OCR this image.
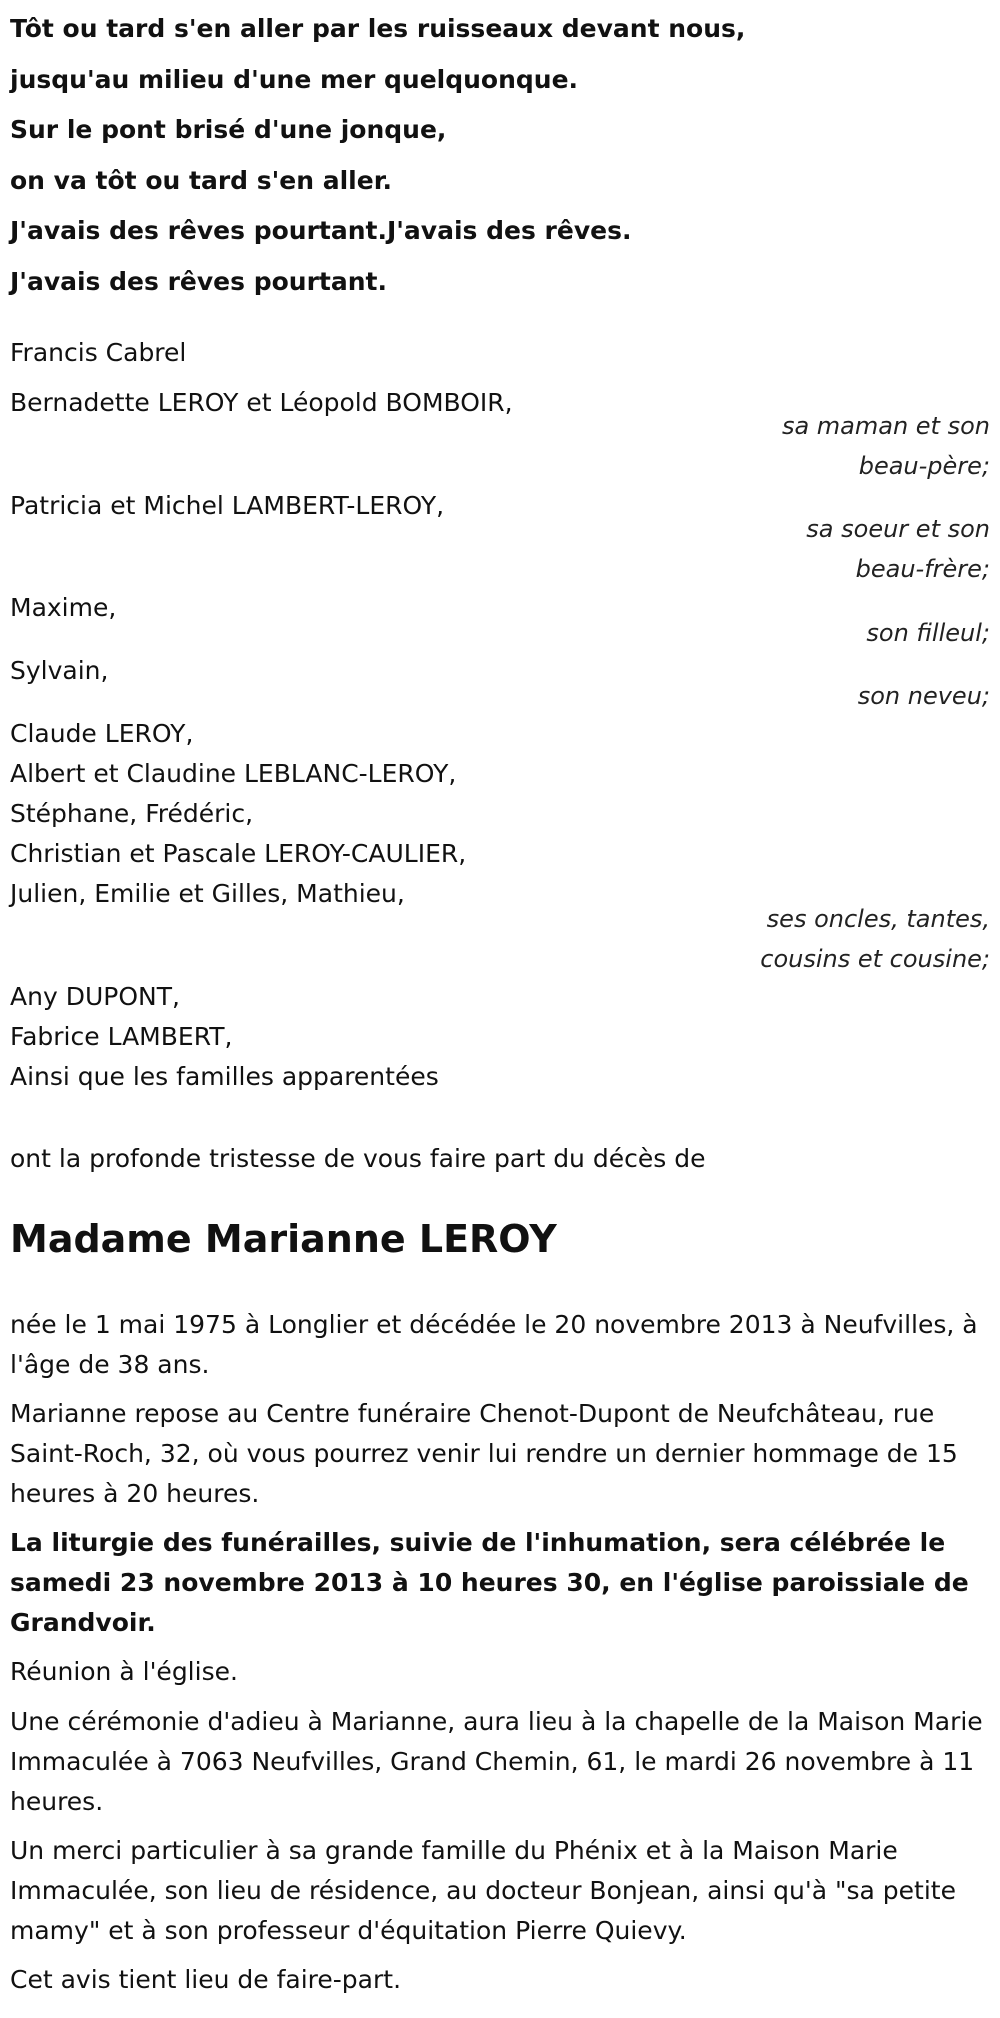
Tôt ou tard s'en aller par les ruisseaux devant nous,
jusqu'au milieu d'une mer quelquonque.
Sur le pont brisé d'une jonque,
on va tôt ou tard s'en aller.
J'avais des rêves pourtant.J'avais des rêves.
J'avais des rêves pourtant.
Francis Cabrel
Bernadette LEROY et Léopold BOMBOIR,
sa maman et son
beau-père;
Patricia et Michel LAMBERT-LEROY,
sa soeur et son
beau-frère;
Maxime,
son filleul;
Sylvain,
son neveu;
Claude LEROY,
Albert et Claudine LEBLANC-LEROY,
Stéphane, Frédéric,
Christian et Pascale LEROY-CAULIER,
Julien, Emilie et Gilles, Mathieu,
ses oncles, tantes,
cousins et cousine;
Any DUPONT,
Fabrice LAMBERT,
Ainsi que les familles apparentées
ont la profonde tristesse de vous faire part du décès de
Madame Marianne LEROY

née le 1 mai 1975 à Longlier et décédée le 20 novembre 2013 à Neufvilles, à l'âge de 38 ans.

Marianne repose au Centre funéraire Chenot-Dupont de Neufchâteau, rue Saint-Roch, 32, où vous pourrez venir lui rendre un dernier hommage de 15 heures à 20 heures.

La liturgie des funérailles, suivie de l'inhumation, sera célébrée le samedi 23 novembre 2013 à 10 heures 30, en l'église paroissiale de Grandvoir.

Réunion à l'église.

Une cérémonie d'adieu à Marianne, aura lieu à la chapelle de la Maison Marie Immaculée à 7063 Neufvilles, Grand Chemin, 61, le mardi 26 novembre à 11 heures.

Un merci particulier à sa grande famille du Phénix et à la Maison Marie Immaculée, son lieu de résidence, au docteur Bonjean, ainsi qu'à "sa petite mamy" et à son professeur d'équitation Pierre Quievy.

Cet avis tient lieu de faire-part.
